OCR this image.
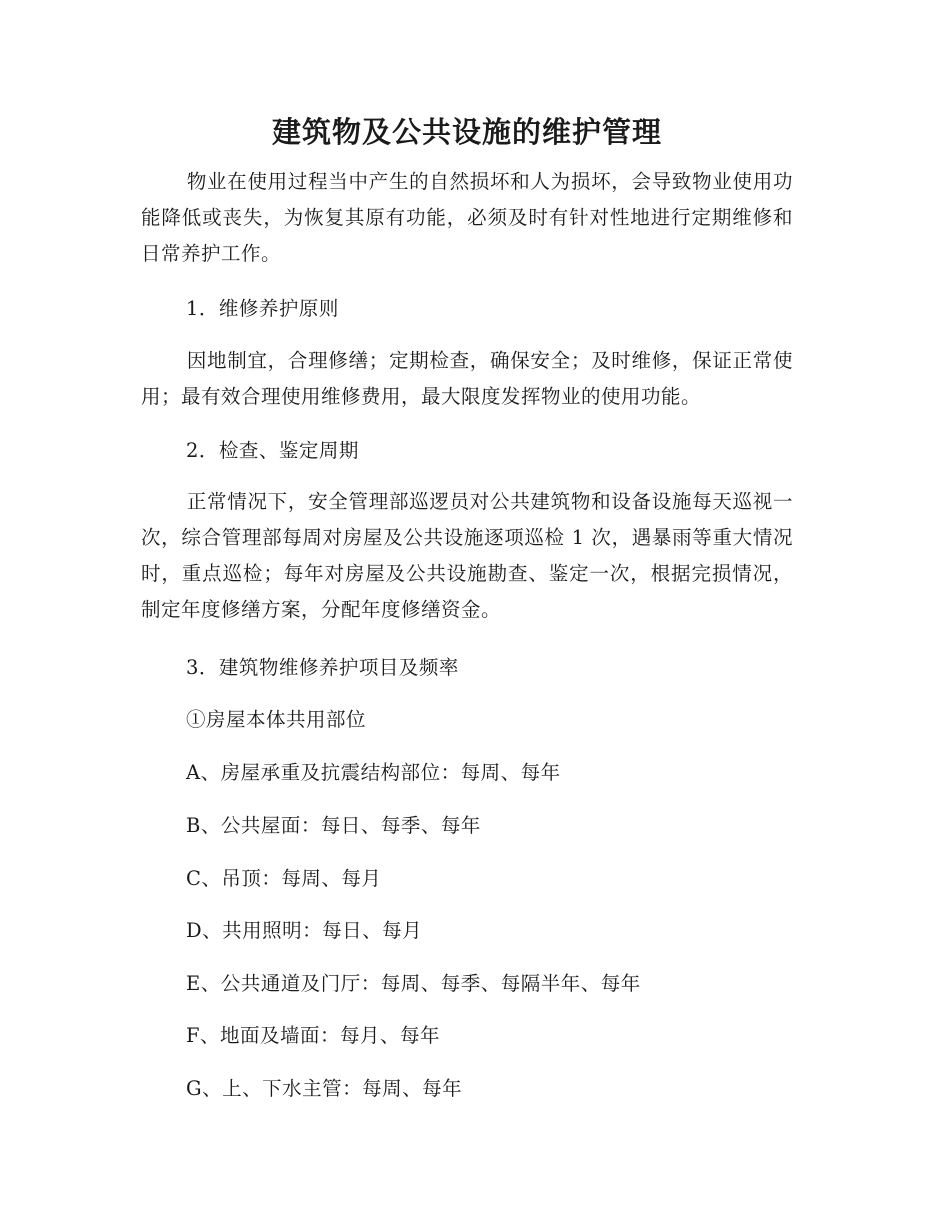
建筑物及公共设施的维护管理

物业在使用过程当中产生的自然损坏和人为损坏，会导致物业使用功能降低或丧失，为恢复其原有功能，必须及时有针对性地进行定期维修和日常养护工作。

1．维修养护原则

因地制宜，合理修缮；定期检查，确保安全；及时维修，保证正常使用；最有效合理使用维修费用，最大限度发挥物业的使用功能。

2．检查、鉴定周期

正常情况下，安全管理部巡逻员对公共建筑物和设备设施每天巡视一次，综合管理部每周对房屋及公共设施逐项巡检 1 次，遇暴雨等重大情况时，重点巡检；每年对房屋及公共设施勘查、鉴定一次，根据完损情况，制定年度修缮方案，分配年度修缮资金。

3．建筑物维修养护项目及频率

①房屋本体共用部位

A、房屋承重及抗震结构部位：每周、每年

B、公共屋面：每日、每季、每年

C、吊顶：每周、每月

D、共用照明：每日、每月

E、公共通道及门厅：每周、每季、每隔半年、每年

F、地面及墙面：每月、每年

G、上、下水主管：每周、每年
